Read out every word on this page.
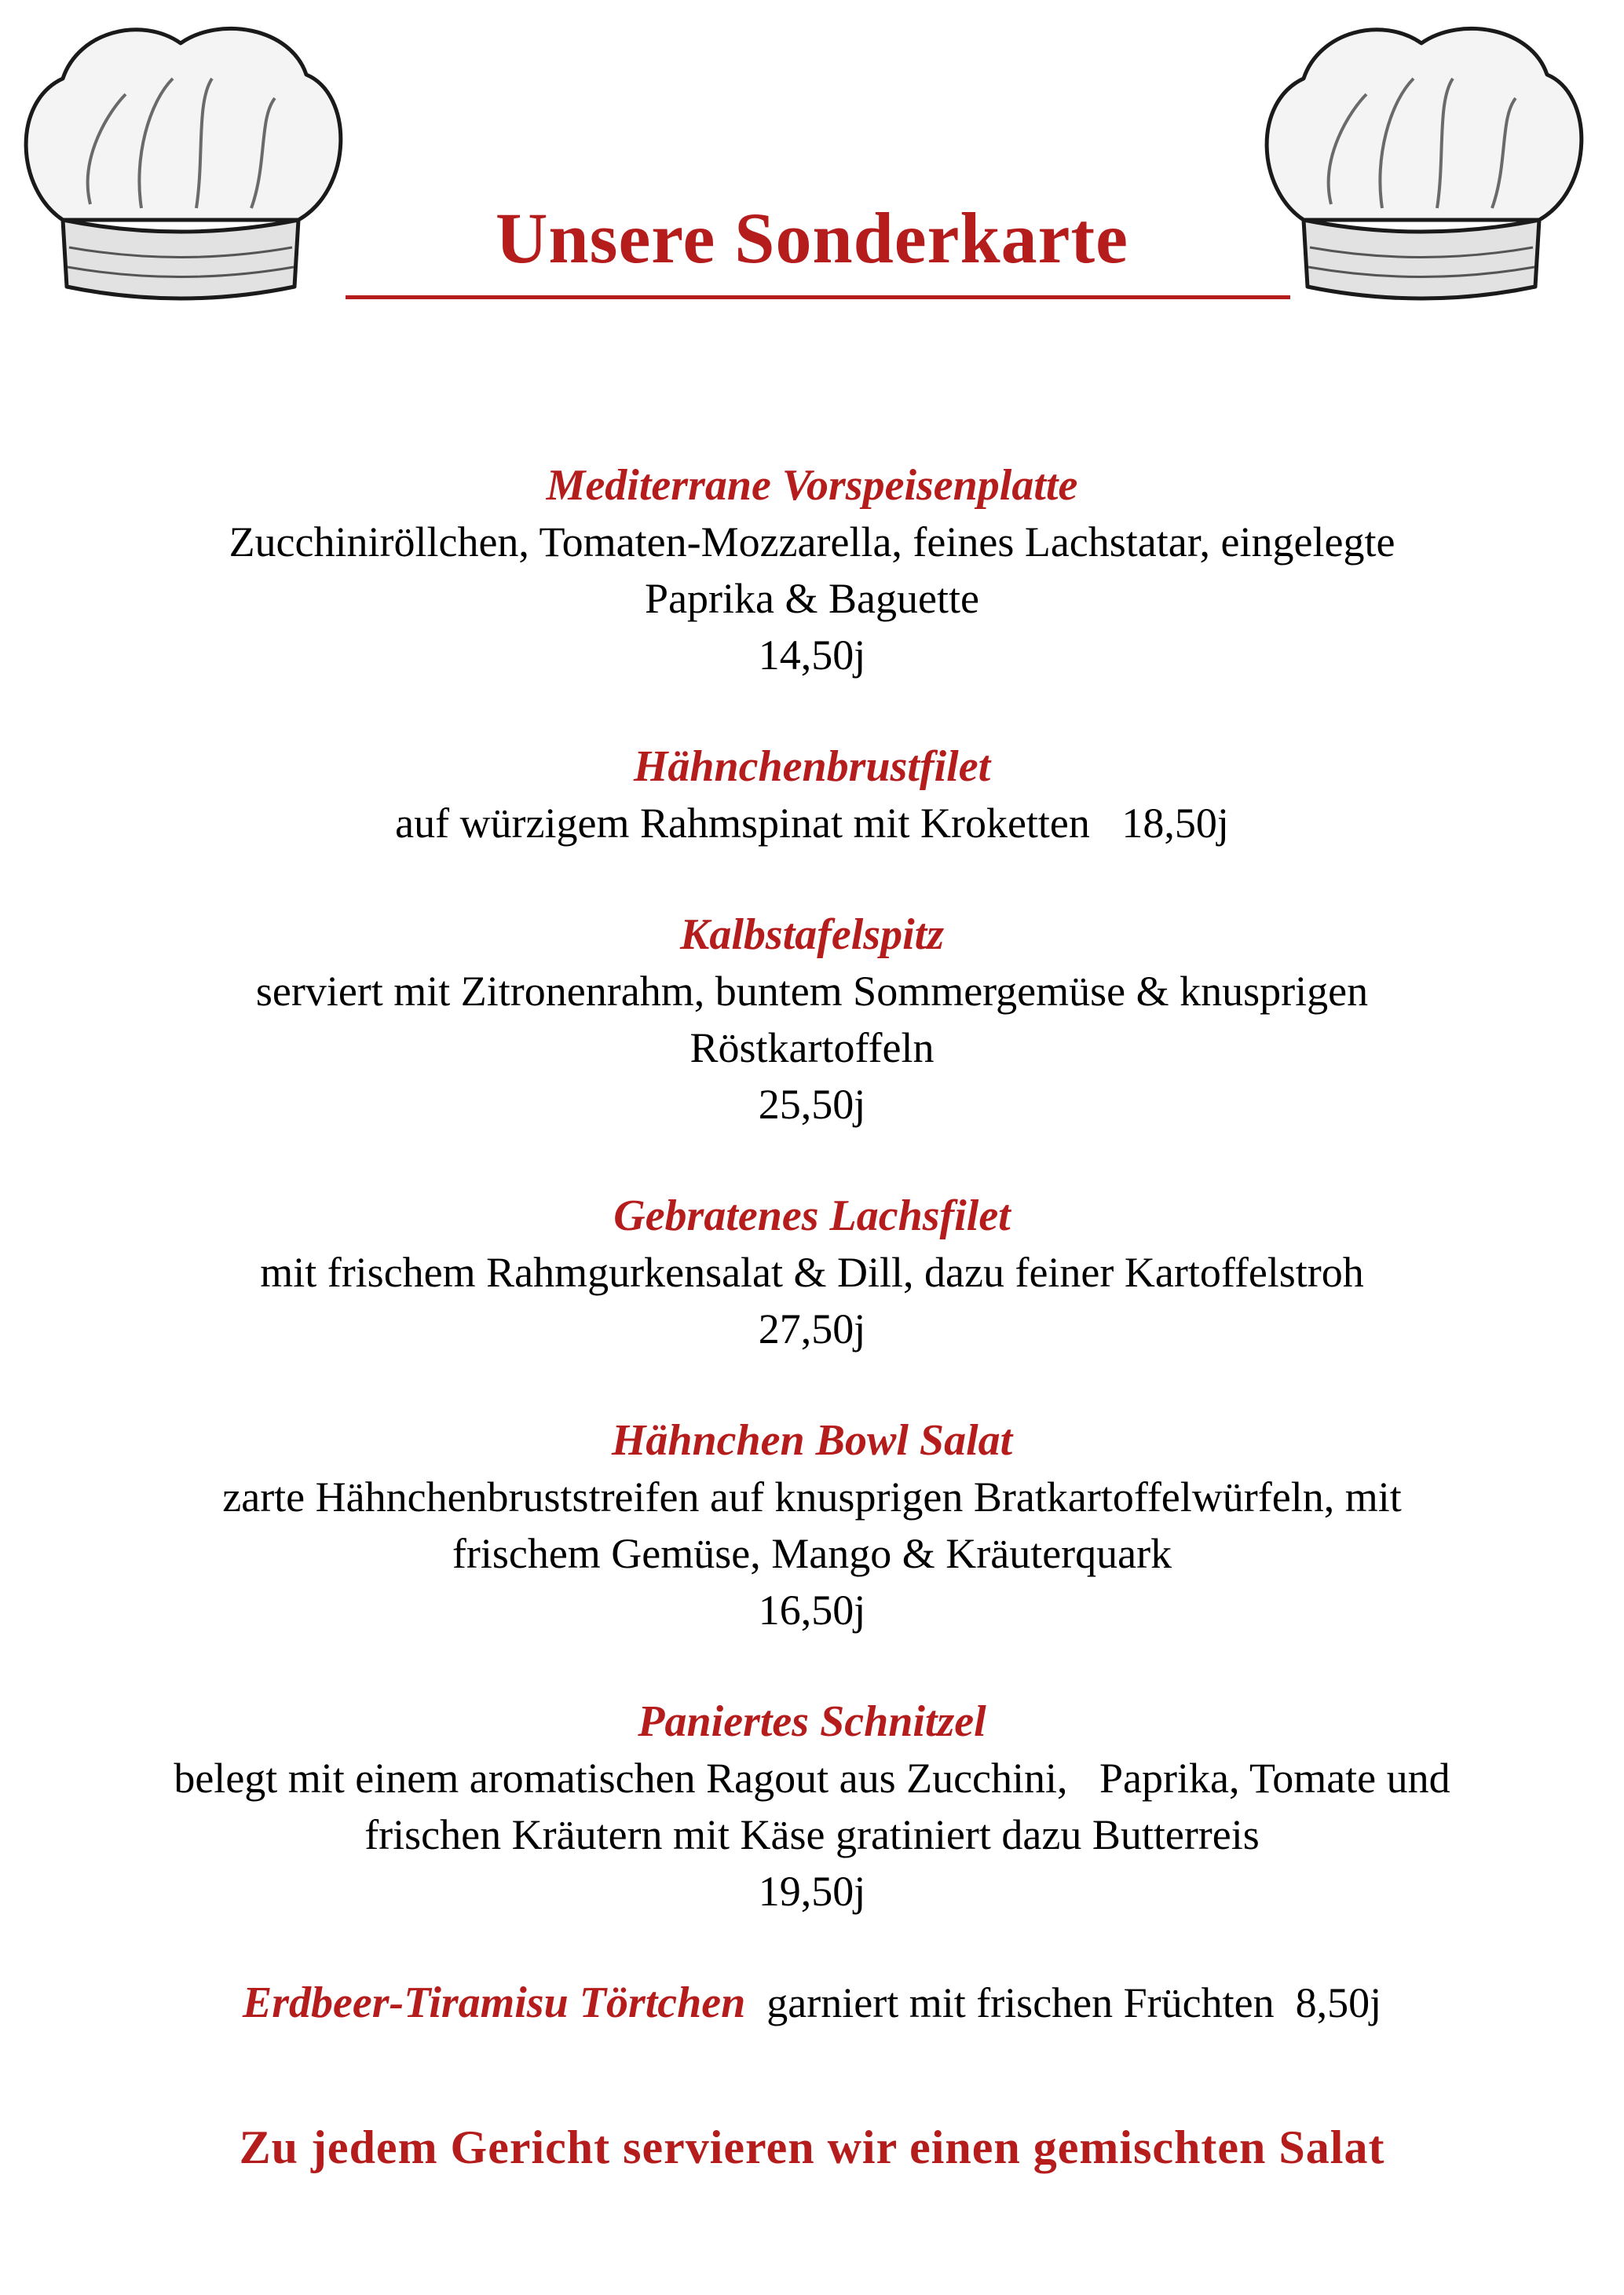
Unsere Sonderkarte
Mediterrane Vorspeisenplatte
Zucchiniröllchen, Tomaten-Mozzarella, feines Lachstatar, eingelegte
Paprika & Baguette
14,50j
Hähnchenbrustfilet
auf würzigem Rahmspinat mit Kroketten   18,50j
Kalbstafelspitz
serviert mit Zitronenrahm, buntem Sommergemüse & knusprigen
Röstkartoffeln
25,50j
Gebratenes Lachsfilet
mit frischem Rahmgurkensalat & Dill, dazu feiner Kartoffelstroh
27,50j
Hähnchen Bowl Salat
zarte Hähnchenbruststreifen auf knusprigen Bratkartoffelwürfeln, mit
frischem Gemüse, Mango & Kräuterquark
16,50j
Paniertes Schnitzel
belegt mit einem aromatischen Ragout aus Zucchini,   Paprika, Tomate und
frischen Kräutern mit Käse gratiniert dazu Butterreis
19,50j
Erdbeer-Tiramisu Törtchen  garniert mit frischen Früchten  8,50j
Zu jedem Gericht servieren wir einen gemischten Salat
